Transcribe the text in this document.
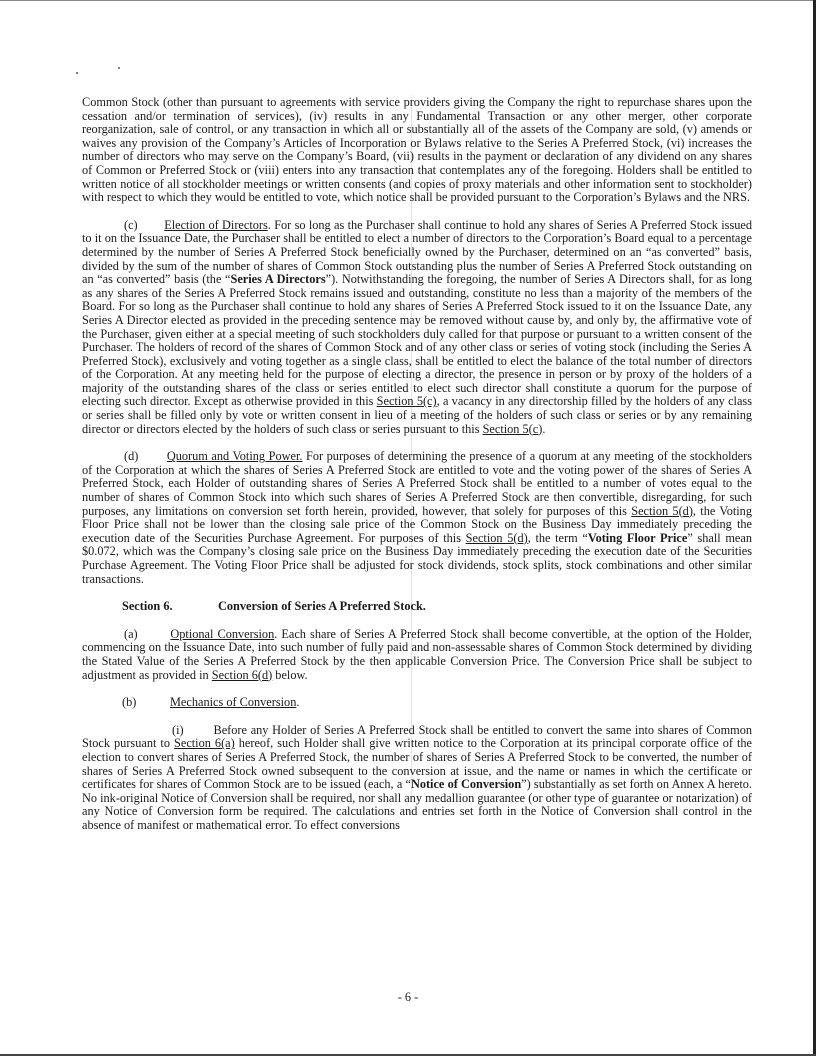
Common Stock (other than pursuant to agreements with service providers giving the Company the right to repurchase shares upon the cessation and/or termination of services), (iv) results in any Fundamental Transaction or any other merger, other corporate reorganization, sale of control, or any transaction in which all or substantially all of the assets of the Company are sold, (v) amends or waives any provision of the Company’s Articles of Incorporation or Bylaws relative to the Series A Preferred Stock, (vi) increases the number of directors who may serve on the Company’s Board, (vii) results in the payment or declaration of any dividend on any shares of Common or Preferred Stock or (viii) enters into any transaction that contemplates any of the foregoing. Holders shall be entitled to written notice of all stockholder meetings or written consents (and copies of proxy materials and other information sent to stockholder) with respect to which they would be entitled to vote, which notice shall be provided pursuant to the Corporation’s Bylaws and the NRS.

(c) Election of Directors. For so long as the Purchaser shall continue to hold any shares of Series A Preferred Stock issued to it on the Issuance Date, the Purchaser shall be entitled to elect a number of directors to the Corporation’s Board equal to a percentage determined by the number of Series A Preferred Stock beneficially owned by the Purchaser, determined on an “as converted” basis, divided by the sum of the number of shares of Common Stock outstanding plus the number of Series A Preferred Stock outstanding on an “as converted” basis (the “Series A Directors”). Notwithstanding the foregoing, the number of Series A Directors shall, for as long as any shares of the Series A Preferred Stock remains issued and outstanding, constitute no less than a majority of the members of the Board. For so long as the Purchaser shall continue to hold any shares of Series A Preferred Stock issued to it on the Issuance Date, any Series A Director elected as provided in the preceding sentence may be removed without cause by, and only by, the affirmative vote of the Purchaser, given either at a special meeting of such stockholders duly called for that purpose or pursuant to a written consent of the Purchaser. The holders of record of the shares of Common Stock and of any other class or series of voting stock (including the Series A Preferred Stock), exclusively and voting together as a single class, shall be entitled to elect the balance of the total number of directors of the Corporation. At any meeting held for the purpose of electing a director, the presence in person or by proxy of the holders of a majority of the outstanding shares of the class or series entitled to elect such director shall constitute a quorum for the purpose of electing such director. Except as otherwise provided in this Section 5(c), a vacancy in any directorship filled by the holders of any class or series shall be filled only by vote or written consent in lieu of a meeting of the holders of such class or series or by any remaining director or directors elected by the holders of such class or series pursuant to this Section 5(c).

(d) Quorum and Voting Power. For purposes of determining the presence of a quorum at any meeting of the stockholders of the Corporation at which the shares of Series A Preferred Stock are entitled to vote and the voting power of the shares of Series A Preferred Stock, each Holder of outstanding shares of Series A Preferred Stock shall be entitled to a number of votes equal to the number of shares of Common Stock into which such shares of Series A Preferred Stock are then convertible, disregarding, for such purposes, any limitations on conversion set forth herein, provided, however, that solely for purposes of this Section 5(d), the Voting Floor Price shall not be lower than the closing sale price of the Common Stock on the Business Day immediately preceding the execution date of the Securities Purchase Agreement. For purposes of this Section 5(d), the term “Voting Floor Price” shall mean $0.072, which was the Company’s closing sale price on the Business Day immediately preceding the execution date of the Securities Purchase Agreement. The Voting Floor Price shall be adjusted for stock dividends, stock splits, stock combinations and other similar transactions.

Section 6.	Conversion of Series A Preferred Stock.

(a)	Optional Conversion. Each share of Series A Preferred Stock shall become convertible, at the option of the Holder, commencing on the Issuance Date, into such number of fully paid and non-assessable shares of Common Stock determined by dividing the Stated Value of the Series A Preferred Stock by the then applicable Conversion Price. The Conversion Price shall be subject to adjustment as provided in Section 6(d) below.

(b)	Mechanics of Conversion.

(i) Before any Holder of Series A Preferred Stock shall be entitled to convert the same into shares of Common Stock pursuant to Section 6(a) hereof, such Holder shall give written notice to the Corporation at its principal corporate office of the election to convert shares of Series A Preferred Stock, the number of shares of Series A Preferred Stock to be converted, the number of shares of Series A Preferred Stock owned subsequent to the conversion at issue, and the name or names in which the certificate or certificates for shares of Common Stock are to be issued (each, a “Notice of Conversion”) substantially as set forth on Annex A hereto. No ink-original Notice of Conversion shall be required, nor shall any medallion guarantee (or other type of guarantee or notarization) of any Notice of Conversion form be required. The calculations and entries set forth in the Notice of Conversion shall control in the absence of manifest or mathematical error. To effect conversions

- 6 -
